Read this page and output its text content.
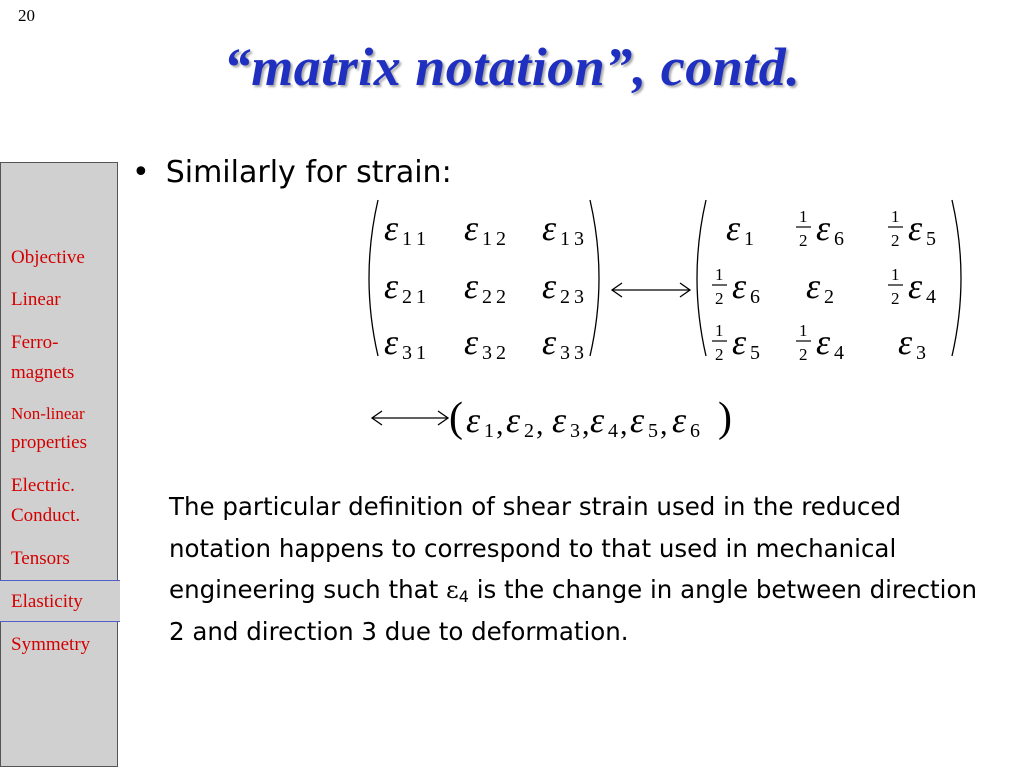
20
“matrix notation”, contd.
Objective
Linear
Ferro-
magnets
Non-linear
properties
Electric.
Conduct.
Tensors
Elasticity
Symmetry
• Similarly for strain:
(	)
ε 1 1 ε 1 2 ε 1 3
ε 2 1 ε 2 2 ε 2 3
ε 3 1 ε 3 2 ε 3 3
ε 1
1
2 ε 6
1
2 ε 5
1
2 ε 6 ε 2
1
2 ε 4
1
2 ε 5
1
2 ε 4 ε 3
ε 1 , ε 2 , ε 3 , ε 4 , ε 5 , ε 6
The particular definition of shear strain used in the reduced notation happens to correspond to that used in mechanical engineering such that $\varepsilon_4$ is the change in angle between direction 2 and direction 3 due to deformation.
